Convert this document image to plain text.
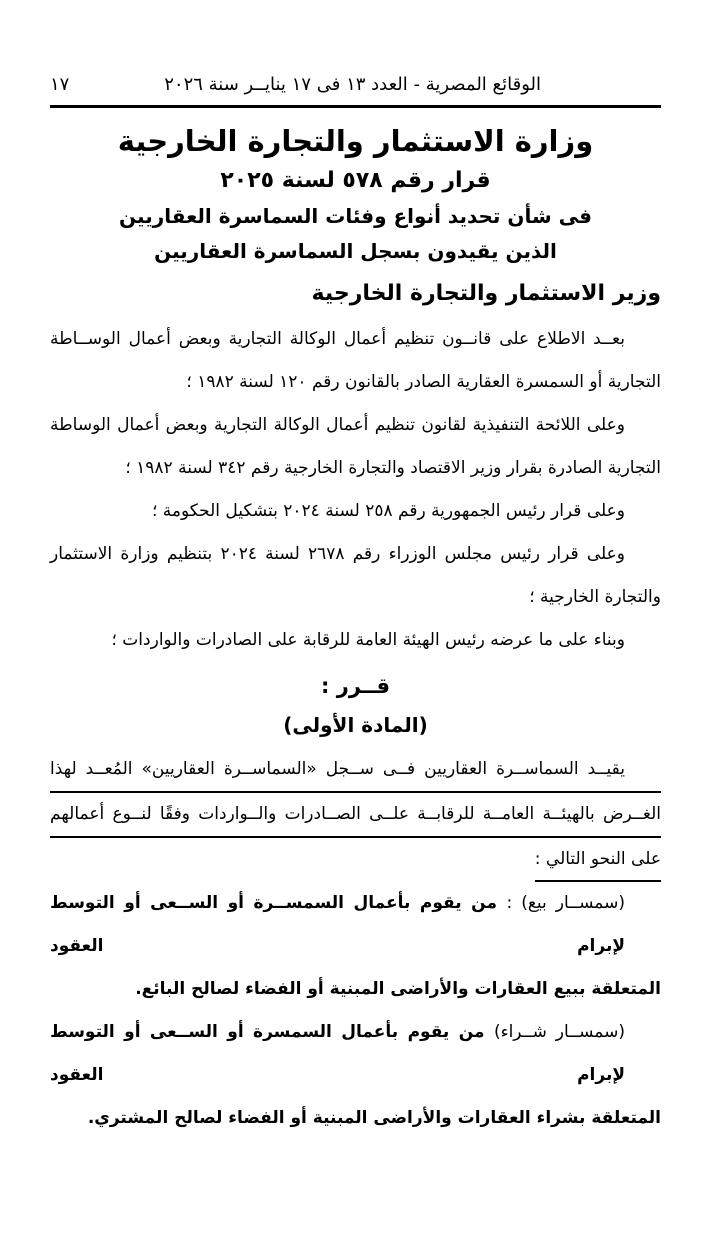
الوقائع المصرية - العدد ١٣ فى ١٧ ينايــر سنة ٢٠٢٦
١٧
وزارة الاستثمار والتجارة الخارجية
قرار رقم ٥٧٨ لسنة ٢٠٢٥
فى شأن تحديد أنواع وفئات السماسرة العقاريين
الذين يقيدون بسجل السماسرة العقاريين
وزير الاستثمار والتجارة الخارجية
بعــد الاطلاع على قانــون تنظيم أعمال الوكالة التجارية وبعض أعمال الوســاطة
التجارية أو السمسرة العقارية الصادر بالقانون رقم ١٢٠ لسنة ١٩٨٢ ؛
وعلى اللائحة التنفيذية لقانون تنظيم أعمال الوكالة التجارية وبعض أعمال الوساطة
التجارية الصادرة بقرار وزير الاقتصاد والتجارة الخارجية رقم ٣٤٢ لسنة ١٩٨٢ ؛
وعلى قرار رئيس الجمهورية رقم ٢٥٨ لسنة ٢٠٢٤ بتشكيل الحكومة ؛
وعلى قرار رئيس مجلس الوزراء رقم ٢٦٧٨ لسنة ٢٠٢٤ بتنظيم وزارة الاستثمار
والتجارة الخارجية ؛
وبناء على ما عرضه رئيس الهيئة العامة للرقابة على الصادرات والواردات ؛
قــرر :
(المادة الأولى)
يقيــد السماســرة العقاريين فــى ســجل «السماســرة العقاريين» المُعــد لهذا
الغــرض بالهيئــة العامــة للرقابــة علــى الصــادرات والــواردات وفقًا لنــوع أعمالهم
على النحو التالي :
(سمســار بيع) : من يقوم بأعمال السمســرة أو الســعى أو التوسط لإبرام العقود
المتعلقة ببيع العقارات والأراضى المبنية أو الفضاء لصالح البائع.
(سمســار شــراء) من يقوم بأعمال السمسرة أو الســعى أو التوسط لإبرام العقود
المتعلقة بشراء العقارات والأراضى المبنية أو الفضاء لصالح المشتري.
